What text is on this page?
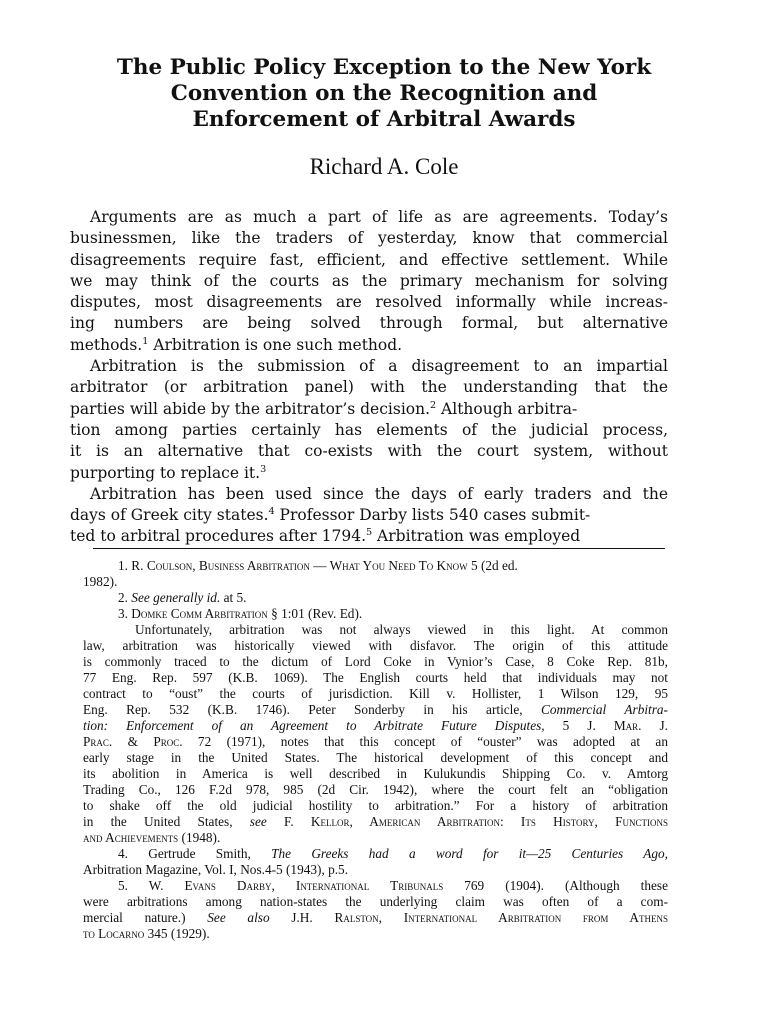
The Public Policy Exception to the New York
Convention on the Recognition and
Enforcement of Arbitral Awards
Richard A. Cole
Arguments are as much a part of life as are agreements. Today’s
businessmen, like the traders of yesterday, know that commercial
disagreements require fast, efficient, and effective settlement. While
we may think of the courts as the primary mechanism for solving
disputes, most disagreements are resolved informally while increas-
ing numbers are being solved through formal, but alternative
methods.$^1$ Arbitration is one such method.
Arbitration is the submission of a disagreement to an impartial
arbitrator (or arbitration panel) with the understanding that the
parties will abide by the arbitrator’s decision.$^2$ Although arbitra-
tion among parties certainly has elements of the judicial process,
it is an alternative that co-exists with the court system, without
purporting to replace it.$^3$
Arbitration has been used since the days of early traders and the
days of Greek city states.$^4$ Professor Darby lists 540 cases submit-
ted to arbitral procedures after 1794.$^5$ Arbitration was employed
1. R. Coulson, Business Arbitration — What You Need To Know 5 (2d ed.
1982).
2. See generally id. at 5.
3. Domke Comm Arbitration § 1:01 (Rev. Ed).
Unfortunately, arbitration was not always viewed in this light. At common
law, arbitration was historically viewed with disfavor. The origin of this attitude
is commonly traced to the dictum of Lord Coke in Vynior’s Case, 8 Coke Rep. 81b,
77 Eng. Rep. 597 (K.B. 1069). The English courts held that individuals may not
contract to “oust” the courts of jurisdiction. Kill v. Hollister, 1 Wilson 129, 95
Eng. Rep. 532 (K.B. 1746). Peter Sonderby in his article, Commercial Arbitra-
tion: Enforcement of an Agreement to Arbitrate Future Disputes, 5 J. Mar. J.
Prac. & Proc. 72 (1971), notes that this concept of “ouster” was adopted at an
early stage in the United States. The historical development of this concept and
its abolition in America is well described in Kulukundis Shipping Co. v. Amtorg
Trading Co., 126 F.2d 978, 985 (2d Cir. 1942), where the court felt an “obligation
to shake off the old judicial hostility to arbitration.” For a history of arbitration
in the United States, see F. Kellor, American Arbitration: Its History, Functions
and Achievements (1948).
4. Gertrude Smith, The Greeks had a word for it—25 Centuries Ago,
Arbitration Magazine, Vol. I, Nos.4-5 (1943), p.5.
5. W. Evans Darby, International Tribunals 769 (1904). (Although these
were arbitrations among nation-states the underlying claim was often of a com-
mercial nature.) See also J.H. Ralston, International Arbitration from Athens
to Locarno 345 (1929).
